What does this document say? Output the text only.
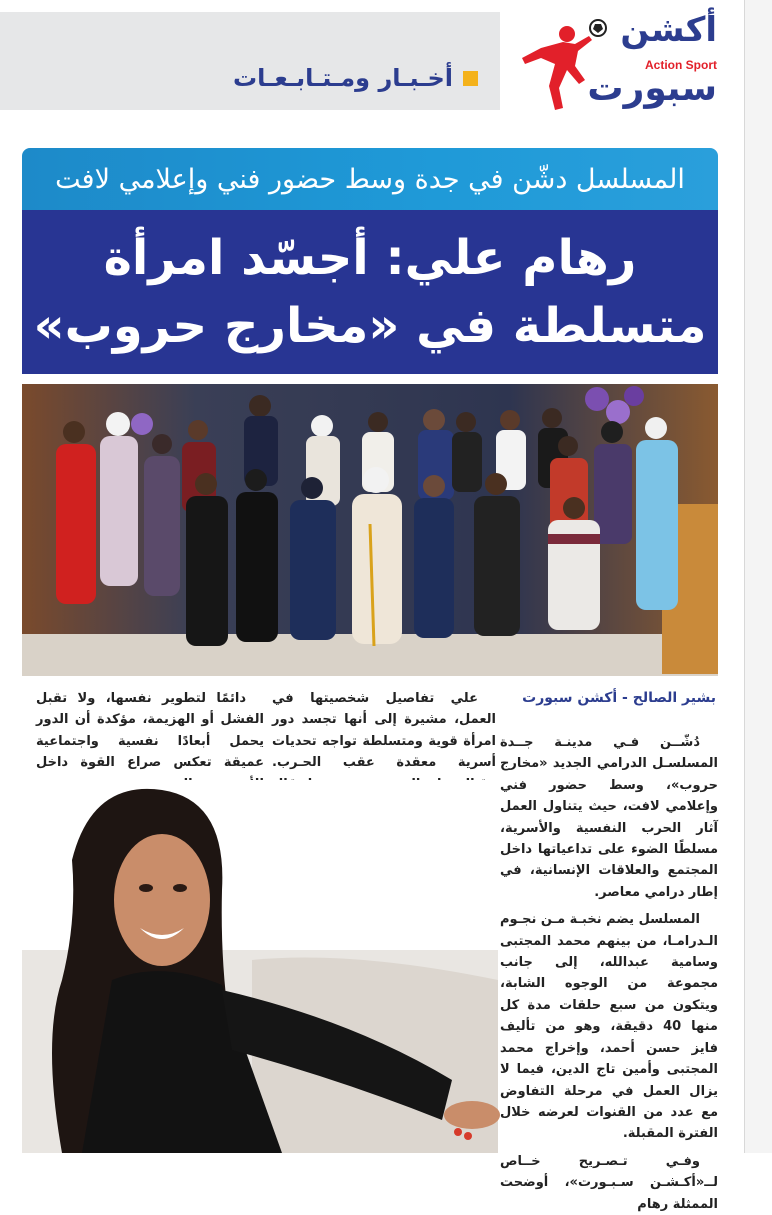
أخـبـار ومـتـابـعـات
أكشن
Action Sport
سبورت
المسلسل دشّن في جدة وسط حضور فني وإعلامي لافت
رهام علي: أجسّد امرأة
متسلطة في «مخارج حروب»
بشير الصالح - أكشن سبورت

دُشّــن فـي مدينـة جــدة المسلسـل الدرامي الجديد «مخارج حروب»، وسط حضور فني وإعلامي لافت، حيث يتناول العمل آثار الحرب النفسية والأسرية، مسلطًا الضوء على تداعياتها داخل المجتمع والعلاقات الإنسانية، في إطار درامي معاصر.

المسلسل يضم نخبـة مـن نجـوم الـدرامـا، من بينهم محمد المجتبى وسامية عبدالله، إلى جانب مجموعة من الوجوه الشابة، ويتكون من سبع حلقات مدة كل منها 40 دقيقة، وهو من تأليف فايز حسن أحمد، وإخراج محمد المجتبى وأمين تاج الدين، فيما لا يزال العمل في مرحلة التفاوض مع عدد من القنوات لعرضه خلال الفترة المقبلة.

وفـي تـصـريح خــاص لــ«أكـشـن سـبـورت»، أوضحت الممثلة رهام

علي تفاصيل شخصيتها في العمل، مشيرة إلى أنها تجسد دور امرأة قوية ومتسلطة تواجه تحديات أسرية معقدة عقب الحـرب.

دائمًا لتطوير نفسها، ولا تقبل الفشل أو الهزيمة، مؤكدة أن الدور يحمل أبعادًا نفسية واجتماعية عميقة تعكس صراع القوة داخل
